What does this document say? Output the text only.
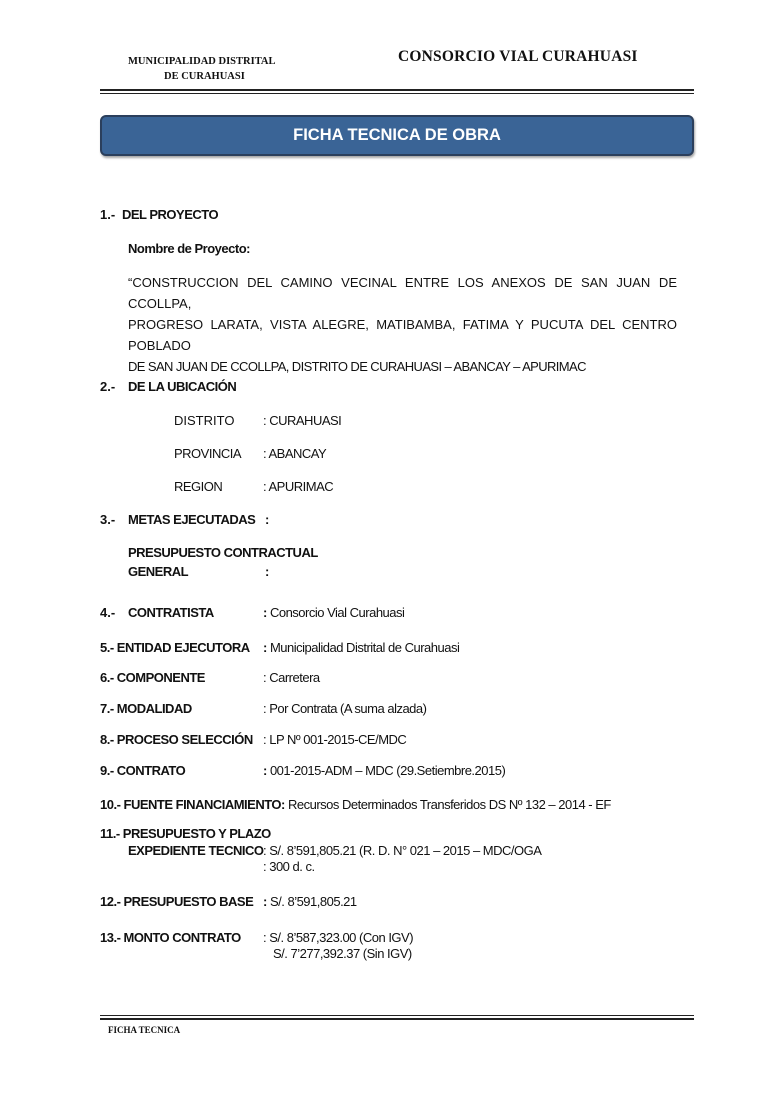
MUNICIPALIDAD DISTRITAL
DE CURAHUASI
CONSORCIO VIAL CURAHUASI
FICHA TECNICA DE OBRA
1.- DEL PROYECTO
Nombre de Proyecto:
“CONSTRUCCION DEL CAMINO VECINAL ENTRE LOS ANEXOS DE SAN JUAN DE CCOLLPA,
PROGRESO LARATA, VISTA ALEGRE, MATIBAMBA, FATIMA Y PUCUTA DEL CENTRO POBLADO
DE SAN JUAN DE CCOLLPA, DISTRITO DE CURAHUASI – ABANCAY – APURIMAC
2.- DE LA UBICACIÓN
DISTRITO : CURAHUASI
PROVINCIA : ABANCAY
REGION	: APURIMAC
3.- METAS EJECUTADAS :
PRESUPUESTO CONTRACTUAL
GENERAL	:
4.- CONTRATISTA	: Consorcio Vial Curahuasi
5.- ENTIDAD EJECUTORA : Municipalidad Distrital de Curahuasi
6.- COMPONENTE	: Carretera
7.- MODALIDAD	: Por Contrata (A suma alzada)
8.- PROCESO SELECCIÓN : LP Nº 001-2015-CE/MDC
9.- CONTRATO	: 001-2015-ADM – MDC (29.Setiembre.2015)
10.- FUENTE FINANCIAMIENTO: Recursos Determinados Transferidos DS Nº 132 – 2014 - EF
11.- PRESUPUESTO Y PLAZO
EXPEDIENTE TECNICO : S/. 8’591,805.21 (R. D. N° 021 – 2015 – MDC/OGA
: 300 d. c.
12.- PRESUPUESTO BASE : S/. 8’591,805.21
13.- MONTO CONTRATO : S/. 8’587,323.00 (Con IGV)
S/. 7’277,392.37 (Sin IGV)
FICHA TECNICA
